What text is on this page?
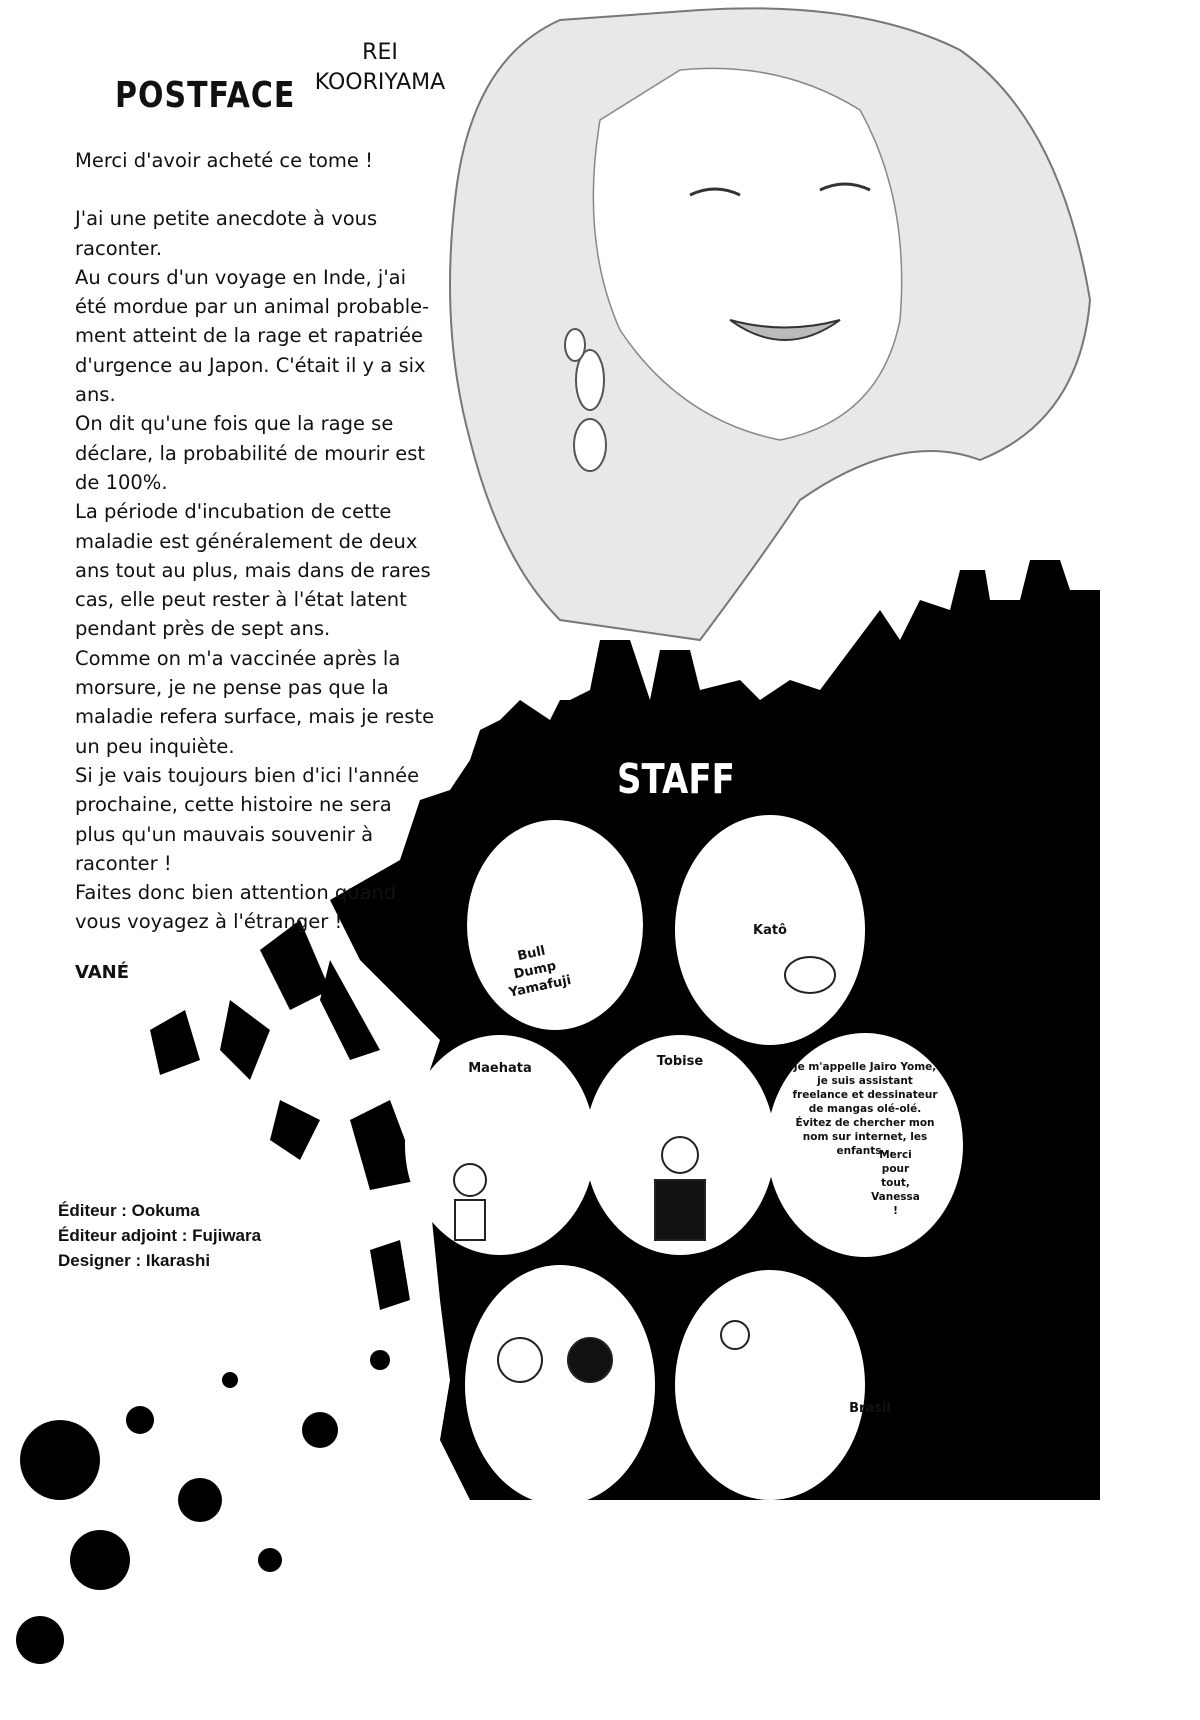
POSTFACE
REI
KOORIYAMA

Merci d'avoir acheté ce tome !

J'ai une petite anecdote à vous raconter.

Au cours d'un voyage en Inde, j'ai été mordue par un animal probable-ment atteint de la rage et rapatriée d'urgence au Japon. C'était il y a six ans.

On dit qu'une fois que la rage se déclare, la probabilité de mourir est de 100%.

La période d'incubation de cette maladie est généralement de deux ans tout au plus, mais dans de rares cas, elle peut rester à l'état latent pendant près de sept ans.

Comme on m'a vaccinée après la morsure, je ne pense pas que la maladie refera surface, mais je reste un peu inquiète.

Si je vais toujours bien d'ici l'année prochaine, cette histoire ne sera plus qu'un mauvais souvenir à raconter !

Faites donc bien attention quand vous voyagez à l'étranger !

VANÉ
STAFF
Bull Dump Yamafuji
Katô
Maehata	Tobise	Je m'appelle Jairo Yome, je suis assistant freelance et dessinateur de mangas olé-olé. Évitez de chercher mon nom sur internet, les enfants...
Merci pour tout, Vanessa !
Brasil
Éditeur : Ookuma
Éditeur adjoint : Fujiwara
Designer : Ikarashi
